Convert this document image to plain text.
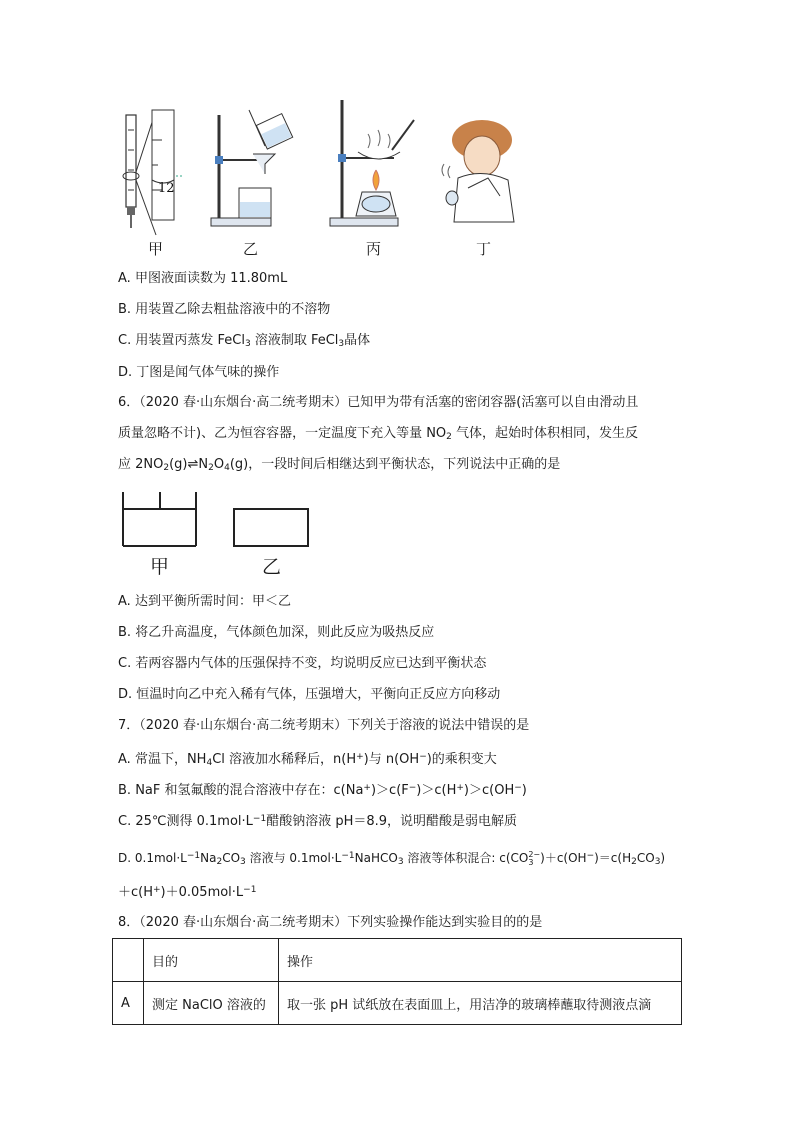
12
甲	乙	丙	丁
A. 甲图液面读数为 11.80mL
B. 用装置乙除去粗盐溶液中的不溶物
C. 用装置丙蒸发 FeCl$_3$ 溶液制取 FeCl$_3$晶体
D. 丁图是闻气体气味的操作
6．（2020 春·山东烟台·高二统考期末）已知甲为带有活塞的密闭容器(活塞可以自由滑动且
质量忽略不计)、乙为恒容容器，一定温度下充入等量 $NO_2$ 气体，起始时体积相同，发生反
应 $2NO_2(g)\rightleftharpoons N_2O_4(g)$，一段时间后相继达到平衡状态，下列说法中正确的是
甲	乙
A. 达到平衡所需时间：甲＜乙
B. 将乙升高温度，气体颜色加深，则此反应为吸热反应
C. 若两容器内气体的压强保持不变，均说明反应已达到平衡状态
D. 恒温时向乙中充入稀有气体，压强增大，平衡向正反应方向移动
7．（2020 春·山东烟台·高二统考期末）下列关于溶液的说法中错误的是
A. 常温下，$NH_4Cl$ 溶液加水稀释后，n(H+)与 n(OH−)的乘积变大
B. NaF 和氢氟酸的混合溶液中存在：c(Na+)＞c(F−)＞c(H+)＞c(OH−)
C. 25℃测得 $0.1mol\cdot L^{-1}$醋酸钠溶液 pH＝8.9，说明醋酸是弱电解质
D. $0.1mol\cdot L^{-1}Na_2CO_3$ 溶液与 $0.1mol\cdot L^{-1}NaHCO_3$ 溶液等体积混合: c(CO 2−
3 )$+c(OH^-)=c(H_2CO_3)$
$+c(H^+)+0.05mol\cdot L^{-1}$
8．（2020 春·山东烟台·高二统考期末）下列实验操作能达到实验目的的是
	目的	操作
A	测定 NaClO 溶液的	取一张 pH 试纸放在表面皿上，用洁净的玻璃棒蘸取待测液点滴
